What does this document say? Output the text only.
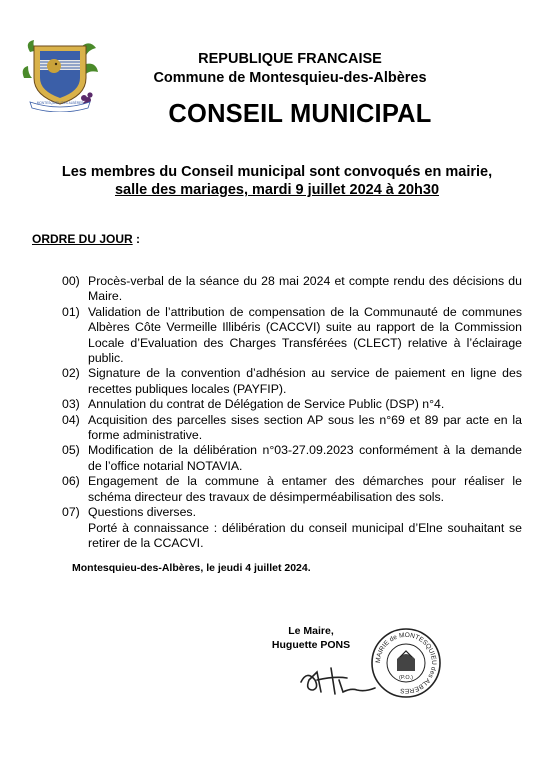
MONTESQUIEU DES ALBÈRES
REPUBLIQUE FRANCAISE
Commune de Montesquieu-des-Albères
CONSEIL MUNICIPAL
Les membres du Conseil municipal sont convoqués en mairie,
salle des mariages, mardi 9 juillet 2024 à 20h30
ORDRE DU JOUR :
00) Procès-verbal de la séance du 28 mai 2024 et compte rendu des décisions du Maire.
01) Validation de l’attribution de compensation de la Communauté de communes Albères Côte Vermeille Illibéris (CACCVI) suite au rapport de la Commission Locale d’Evaluation des Charges Transférées (CLECT) relative à l’éclairage public.
02) Signature de la convention d’adhésion au service de paiement en ligne des recettes publiques locales (PAYFIP).
03) Annulation du contrat de Délégation de Service Public (DSP) n°4.
04) Acquisition des parcelles sises section AP sous les n°69 et 89 par acte en la forme administrative.
05) Modification de la délibération n°03-27.09.2023 conformément à la demande de l’office notarial NOTAVIA.
06) Engagement de la commune à entamer des démarches pour réaliser le schéma directeur des travaux de désimperméabilisation des sols.
07) Questions diverses.

Porté à connaissance : délibération du conseil municipal d’Elne souhaitant se retirer de la CCACVI.

Montesquieu-des-Albères, le jeudi 4 juillet 2024.
Le Maire,
Huguette PONS
MAIRIE de MONTESQUIEU des ALBÈRES
(P.O.)
